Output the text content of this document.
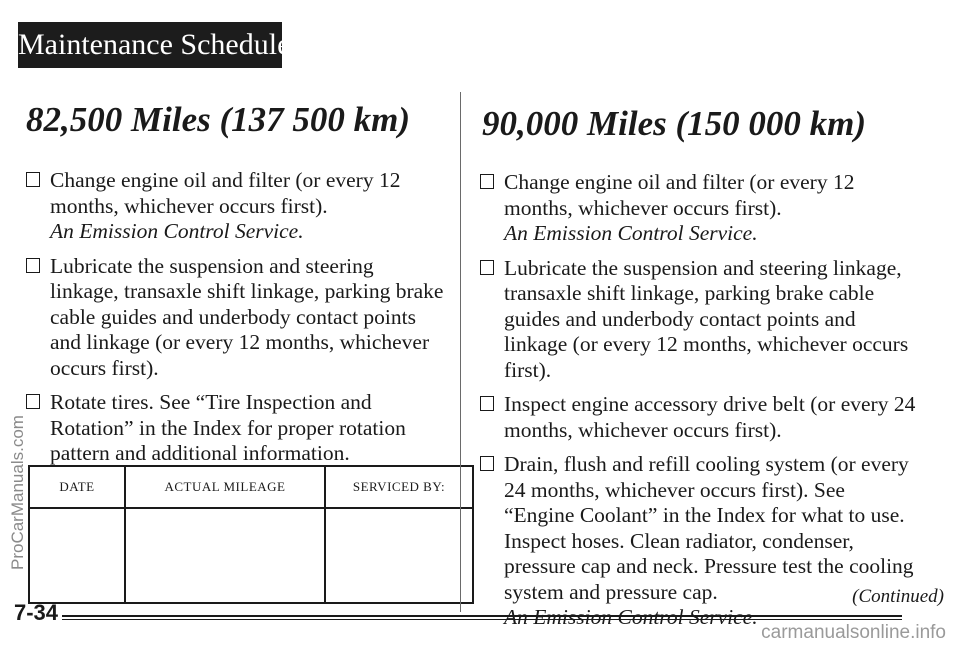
Maintenance Schedule II
82,500 Miles (137 500 km)
Change engine oil and filter (or every 12 months, whichever occurs first).
An Emission Control Service.
Lubricate the suspension and steering linkage, transaxle shift linkage, parking brake cable guides and underbody contact points and linkage (or every 12 months, whichever occurs first).
Rotate tires. See “Tire Inspection and Rotation” in the Index for proper rotation pattern and additional information.
DATE	ACTUAL MILEAGE	SERVICED BY:

90,000 Miles (150 000 km)
Change engine oil and filter (or every 12 months, whichever occurs first).
An Emission Control Service.
Lubricate the suspension and steering linkage, transaxle shift linkage, parking brake cable guides and underbody contact points and linkage (or every 12 months, whichever occurs first).
Inspect engine accessory drive belt (or every 24 months, whichever occurs first).
Drain, flush and refill cooling system (or every 24 months, whichever occurs first). See “Engine Coolant” in the Index for what to use. Inspect hoses. Clean radiator, condenser, pressure cap and neck. Pressure test the cooling system and pressure cap.
An Emission Control Service.
(Continued)
7-34
ProCarManuals.com
carmanualsonline.info
